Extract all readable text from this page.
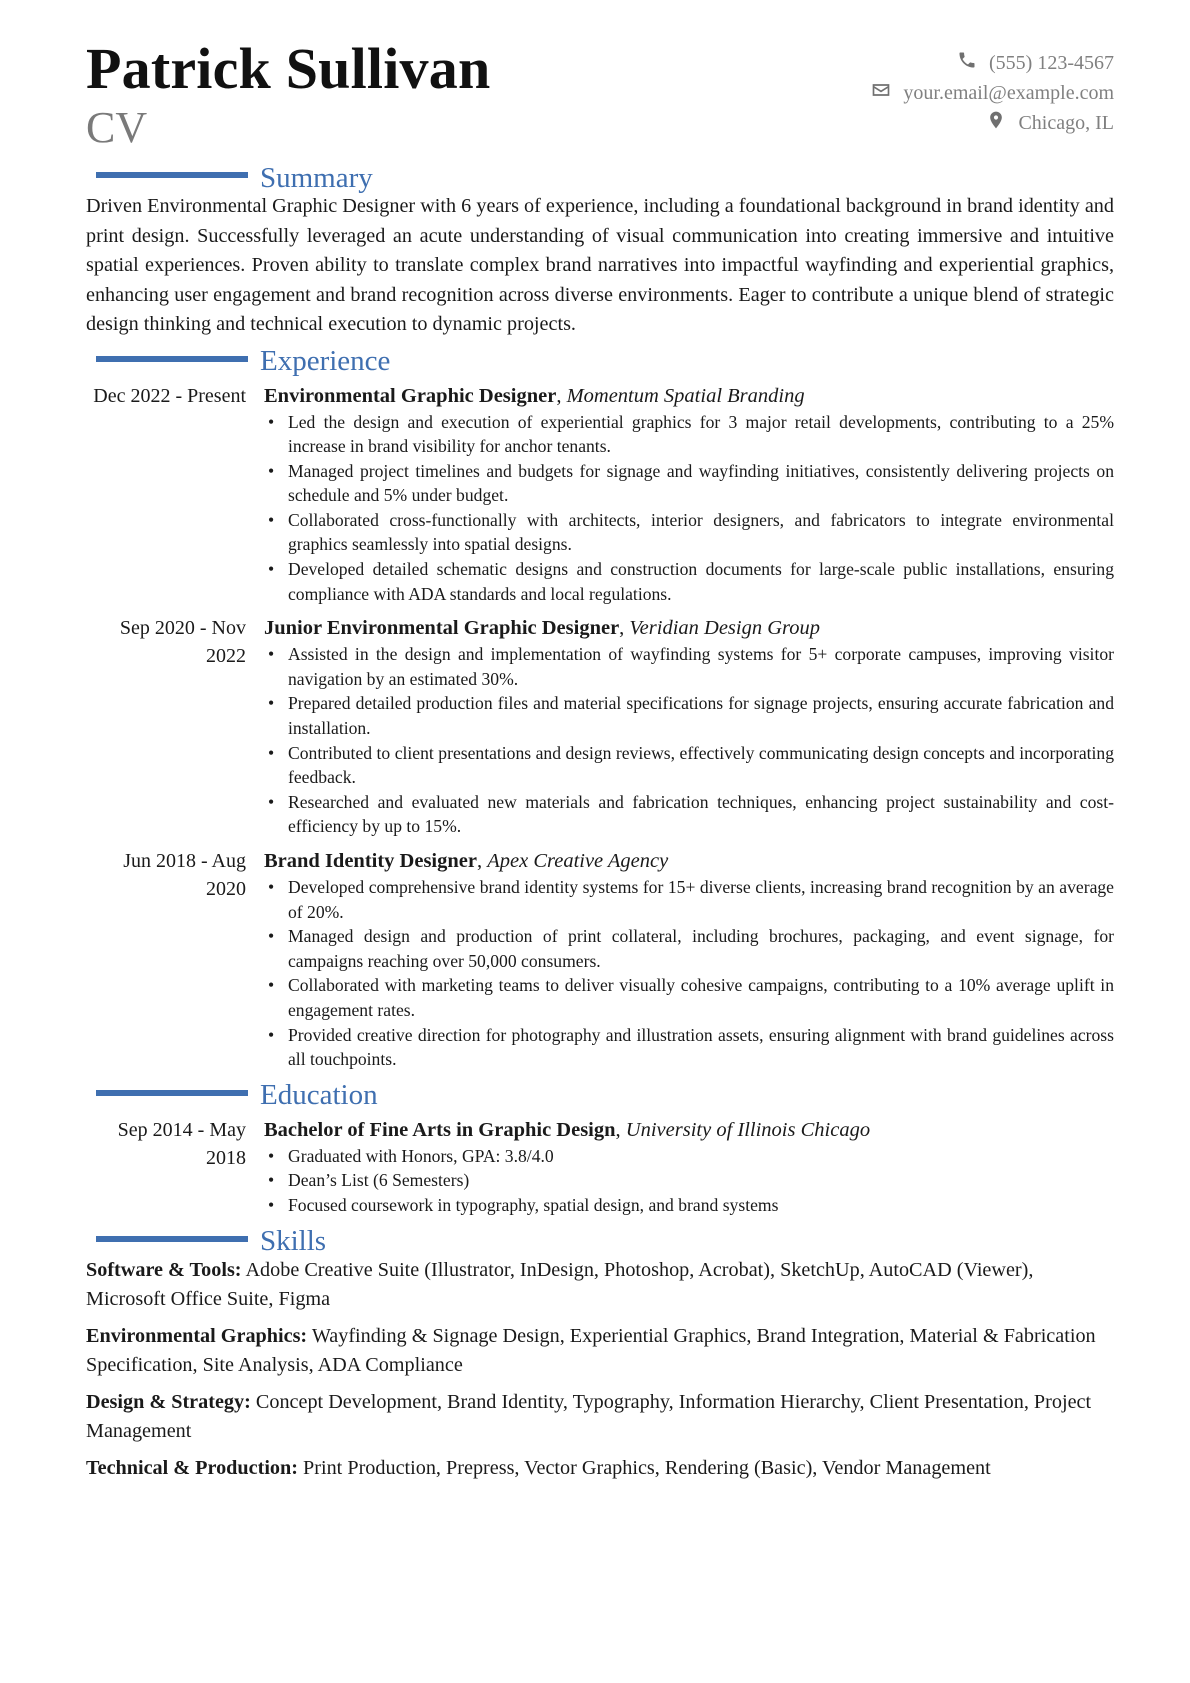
Patrick Sullivan
CV
(555) 123-4567
your.email@example.com
Chicago, IL
Summary

Driven Environmental Graphic Designer with 6 years of experience, including a foundational background in brand identity and print design. Successfully leveraged an acute understanding of visual communication into creating immersive and intuitive spatial experiences. Proven ability to translate complex brand narratives into impactful wayfinding and experiential graphics, enhancing user engagement and brand recognition across diverse environments. Eager to contribute a unique blend of strategic design thinking and technical execution to dynamic projects.

Experience
Dec 2022 - Present Environmental Graphic Designer, Momentum Spatial Branding
• Led the design and execution of experiential graphics for 3 major retail developments, contributing to a 25% increase in brand visibility for anchor tenants.
• Managed project timelines and budgets for signage and wayfinding initiatives, consistently delivering projects on schedule and 5% under budget.
• Collaborated cross-functionally with architects, interior designers, and fabricators to integrate environmental graphics seamlessly into spatial designs.
• Developed detailed schematic designs and construction documents for large-scale public installations, ensuring compliance with ADA standards and local regulations.
Sep 2020 - Nov 2022
Junior Environmental Graphic Designer, Veridian Design Group
• Assisted in the design and implementation of wayfinding systems for 5+ corporate campuses, improving visitor navigation by an estimated 30%.
• Prepared detailed production files and material specifications for signage projects, ensuring accurate fabrication and installation.
• Contributed to client presentations and design reviews, effectively communicating design concepts and incorporating feedback.
• Researched and evaluated new materials and fabrication techniques, enhancing project sustainability and cost-efficiency by up to 15%.
Jun 2018 - Aug 2020
Brand Identity Designer, Apex Creative Agency
• Developed comprehensive brand identity systems for 15+ diverse clients, increasing brand recognition by an average of 20%.
• Managed design and production of print collateral, including brochures, packaging, and event signage, for campaigns reaching over 50,000 consumers.
• Collaborated with marketing teams to deliver visually cohesive campaigns, contributing to a 10% average uplift in engagement rates.
• Provided creative direction for photography and illustration assets, ensuring alignment with brand guidelines across all touchpoints.
Education
Sep 2014 - May 2018
Bachelor of Fine Arts in Graphic Design, University of Illinois Chicago
• Graduated with Honors, GPA: 3.8/4.0
• Dean’s List (6 Semesters)
• Focused coursework in typography, spatial design, and brand systems
Skills

Software & Tools: Adobe Creative Suite (Illustrator, InDesign, Photoshop, Acrobat), SketchUp, AutoCAD (Viewer), Microsoft Office Suite, Figma

Environmental Graphics: Wayfinding & Signage Design, Experiential Graphics, Brand Integration, Material & Fabrication Specification, Site Analysis, ADA Compliance

Design & Strategy: Concept Development, Brand Identity, Typography, Information Hierarchy, Client Presentation, Project Management

Technical & Production: Print Production, Prepress, Vector Graphics, Rendering (Basic), Vendor Management
